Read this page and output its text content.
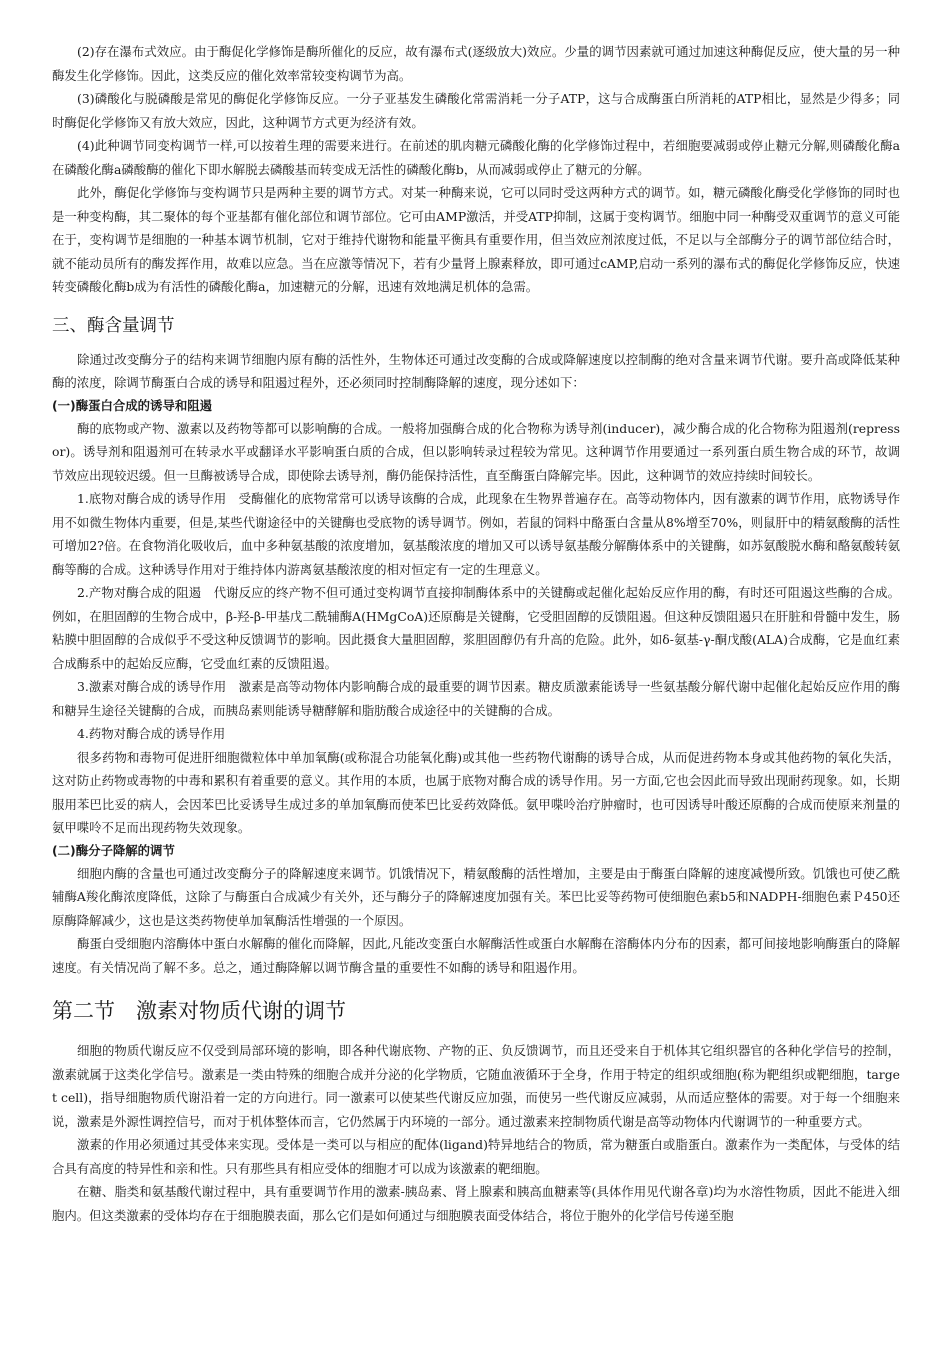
(2)存在瀑布式效应。由于酶促化学修饰是酶所催化的反应，故有瀑布式(逐级放大)效应。少量的调节因素就可通过加速这种酶促反应，使大量的另一种酶发生化学修饰。因此，这类反应的催化效率常较变构调节为高。

(3)磷酸化与脱磷酸是常见的酶促化学修饰反应。一分子亚基发生磷酸化常需消耗一分子ATP，这与合成酶蛋白所消耗的ATP相比，显然是少得多；同时酶促化学修饰又有放大效应，因此，这种调节方式更为经济有效。

(4)此种调节同变构调节一样,可以按着生理的需要来进行。在前述的肌肉糖元磷酸化酶的化学修饰过程中，若细胞要减弱或停止糖元分解,则磷酸化酶a在磷酸化酶a磷酸酶的催化下即水解脱去磷酸基而转变成无活性的磷酸化酶b，从而减弱或停止了糖元的分解。

此外，酶促化学修饰与变构调节只是两种主要的调节方式。对某一种酶来说，它可以同时受这两种方式的调节。如，糖元磷酸化酶受化学修饰的同时也是一种变构酶，其二聚体的每个亚基都有催化部位和调节部位。它可由AMP激活，并受ATP抑制，这属于变构调节。细胞中同一种酶受双重调节的意义可能在于，变构调节是细胞的一种基本调节机制，它对于维持代谢物和能量平衡具有重要作用，但当效应剂浓度过低，不足以与全部酶分子的调节部位结合时，就不能动员所有的酶发挥作用，故难以应急。当在应激等情况下，若有少量肾上腺素释放，即可通过cAMP,启动一系列的瀑布式的酶促化学修饰反应，快速转变磷酸化酶b成为有活性的磷酸化酶a，加速糖元的分解，迅速有效地满足机体的急需。

三、酶含量调节

除通过改变酶分子的结构来调节细胞内原有酶的活性外，生物体还可通过改变酶的合成或降解速度以控制酶的绝对含量来调节代谢。要升高或降低某种酶的浓度，除调节酶蛋白合成的诱导和阻遏过程外，还必须同时控制酶降解的速度，现分述如下：

(一)酶蛋白合成的诱导和阻遏

酶的底物或产物、激素以及药物等都可以影响酶的合成。一般将加强酶合成的化合物称为诱导剂(inducer)，减少酶合成的化合物称为阻遏剂(repressor)。诱导剂和阻遏剂可在转录水平或翻译水平影响蛋白质的合成，但以影响转录过程较为常见。这种调节作用要通过一系列蛋白质生物合成的环节，故调节效应出现较迟缓。但一旦酶被诱导合成，即使除去诱导剂，酶仍能保持活性，直至酶蛋白降解完毕。因此，这种调节的效应持续时间较长。

1.底物对酶合成的诱导作用　受酶催化的底物常常可以诱导该酶的合成，此现象在生物界普遍存在。高等动物体内，因有激素的调节作用，底物诱导作用不如微生物体内重要，但是,某些代谢途径中的关键酶也受底物的诱导调节。例如，若鼠的饲料中酪蛋白含量从8%增至70%，则鼠肝中的精氨酸酶的活性可增加2?倍。在食物消化吸收后，血中多种氨基酸的浓度增加，氨基酸浓度的增加又可以诱导氨基酸分解酶体系中的关键酶，如苏氨酸脱水酶和酪氨酸转氨酶等酶的合成。这种诱导作用对于维持体内游离氨基酸浓度的相对恒定有一定的生理意义。

2.产物对酶合成的阻遏　代谢反应的终产物不但可通过变构调节直接抑制酶体系中的关键酶或起催化起始反应作用的酶，有时还可阻遏这些酶的合成。例如，在胆固醇的生物合成中，β-羟-β-甲基戊二酰辅酶A(HMgCoA)还原酶是关键酶，它受胆固醇的反馈阻遏。但这种反馈阻遏只在肝脏和骨髓中发生，肠粘膜中胆固醇的合成似乎不受这种反馈调节的影响。因此摄食大量胆固醇，浆胆固醇仍有升高的危险。此外，如δ-氨基-γ-酮戊酸(ALA)合成酶，它是血红素合成酶系中的起始反应酶，它受血红素的反馈阻遏。

3.激素对酶合成的诱导作用　激素是高等动物体内影响酶合成的最重要的调节因素。糖皮质激素能诱导一些氨基酸分解代谢中起催化起始反应作用的酶和糖异生途径关键酶的合成，而胰岛素则能诱导糖酵解和脂肪酸合成途径中的关键酶的合成。

4.药物对酶合成的诱导作用

很多药物和毒物可促进肝细胞微粒体中单加氧酶(或称混合功能氧化酶)或其他一些药物代谢酶的诱导合成，从而促进药物本身或其他药物的氧化失活，这对防止药物或毒物的中毒和累积有着重要的意义。其作用的本质，也属于底物对酶合成的诱导作用。另一方面,它也会因此而导致出现耐药现象。如，长期服用苯巴比妥的病人，会因苯巴比妥诱导生成过多的单加氧酶而使苯巴比妥药效降低。氨甲喋呤治疗肿瘤时，也可因诱导叶酸还原酶的合成而使原来剂量的氨甲喋呤不足而出现药物失效现象。

(二)酶分子降解的调节

细胞内酶的含量也可通过改变酶分子的降解速度来调节。饥饿情况下，精氨酸酶的活性增加，主要是由于酶蛋白降解的速度减慢所致。饥饿也可使乙酰辅酶A羧化酶浓度降低，这除了与酶蛋白合成减少有关外，还与酶分子的降解速度加强有关。苯巴比妥等药物可使细胞色素b5和NADPH-细胞色素Ｐ450还原酶降解减少，这也是这类药物使单加氧酶活性增强的一个原因。

酶蛋白受细胞内溶酶体中蛋白水解酶的催化而降解，因此,凡能改变蛋白水解酶活性或蛋白水解酶在溶酶体内分布的因素，都可间接地影响酶蛋白的降解速度。有关情况尚了解不多。总之，通过酶降解以调节酶含量的重要性不如酶的诱导和阻遏作用。

第二节　激素对物质代谢的调节

细胞的物质代谢反应不仅受到局部环境的影响，即各种代谢底物、产物的正、负反馈调节，而且还受来自于机体其它组织器官的各种化学信号的控制，激素就属于这类化学信号。激素是一类由特殊的细胞合成并分泌的化学物质，它随血液循环于全身，作用于特定的组织或细胞(称为靶组织或靶细胞，target cell)，指导细胞物质代谢沿着一定的方向进行。同一激素可以使某些代谢反应加强，而使另一些代谢反应减弱，从而适应整体的需要。对于每一个细胞来说，激素是外源性调控信号，而对于机体整体而言，它仍然属于内环境的一部分。通过激素来控制物质代谢是高等动物体内代谢调节的一种重要方式。

激素的作用必须通过其受体来实现。受体是一类可以与相应的配体(ligand)特异地结合的物质，常为糖蛋白或脂蛋白。激素作为一类配体，与受体的结合具有高度的特异性和亲和性。只有那些具有相应受体的细胞才可以成为该激素的靶细胞。

在糖、脂类和氨基酸代谢过程中，具有重要调节作用的激素-胰岛素、肾上腺素和胰高血糖素等(具体作用见代谢各章)均为水溶性物质，因此不能进入细胞内。但这类激素的受体均存在于细胞膜表面，那么它们是如何通过与细胞膜表面受体结合，将位于胞外的化学信号传递至胞
